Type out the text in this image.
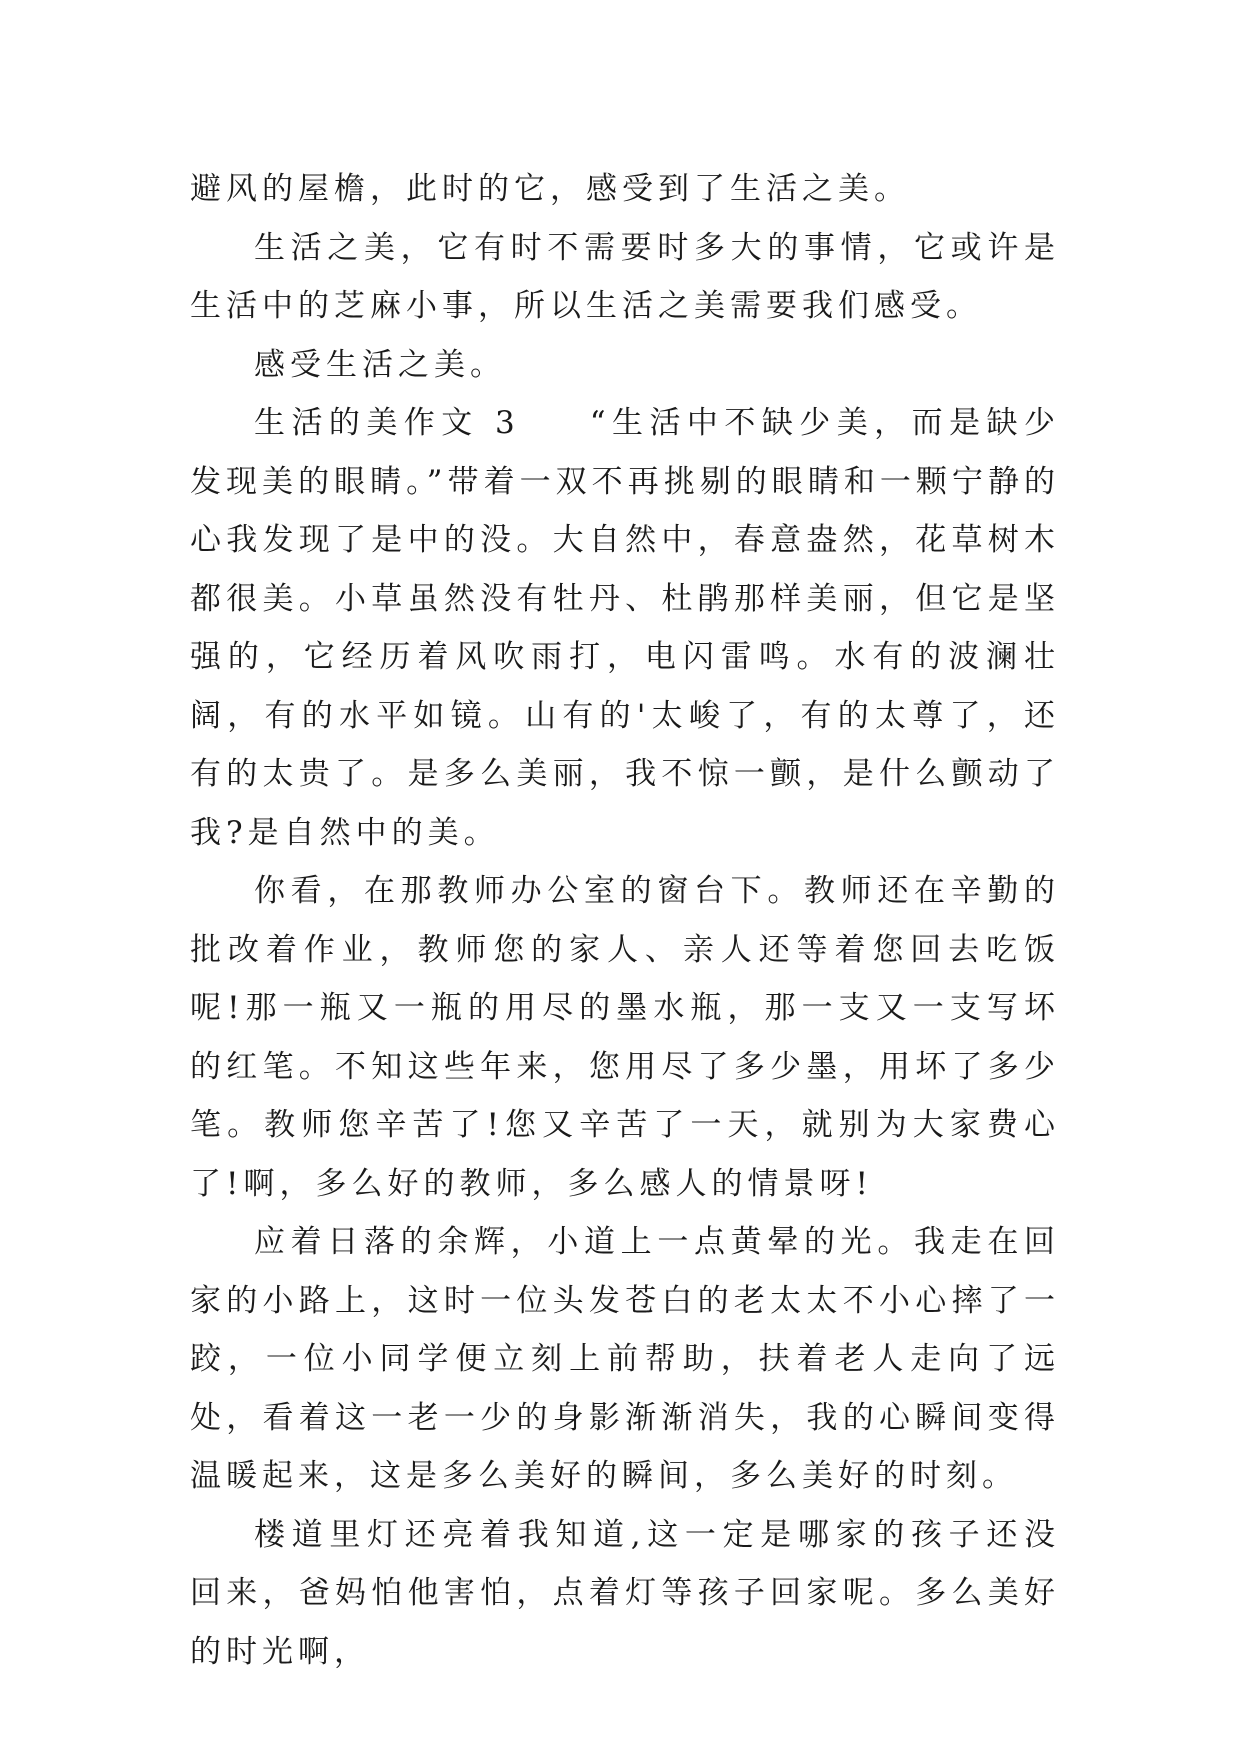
避风的屋檐，此时的它，感受到了生活之美。

生活之美，它有时不需要时多大的事情，它或许是生活中的芝麻小事，所以生活之美需要我们感受。

感受生活之美。

生活的美作文 3 “生活中不缺少美，而是缺少发现美的眼睛。”带着一双不再挑剔的眼睛和一颗宁静的心我发现了是中的没。大自然中，春意盎然，花草树木都很美。小草虽然没有牡丹、杜鹃那样美丽，但它是坚强的，它经历着风吹雨打，电闪雷鸣。水有的波澜壮阔，有的水平如镜。山有的'太峻了，有的太尊了，还有的太贵了。是多么美丽，我不惊一颤，是什么颤动了我?是自然中的美。

你看，在那教师办公室的窗台下。教师还在辛勤的批改着作业，教师您的家人、亲人还等着您回去吃饭呢!那一瓶又一瓶的用尽的墨水瓶，那一支又一支写坏的红笔。不知这些年来，您用尽了多少墨，用坏了多少笔。教师您辛苦了!您又辛苦了一天，就别为大家费心了!啊，多么好的教师，多么感人的情景呀!

应着日落的余辉，小道上一点黄晕的光。我走在回家的小路上，这时一位头发苍白的老太太不小心摔了一跤，一位小同学便立刻上前帮助，扶着老人走向了远处，看着这一老一少的身影渐渐消失，我的心瞬间变得温暖起来，这是多么美好的瞬间，多么美好的时刻。

楼道里灯还亮着我知道,这一定是哪家的孩子还没回来，爸妈怕他害怕，点着灯等孩子回家呢。多么美好的时光啊，
